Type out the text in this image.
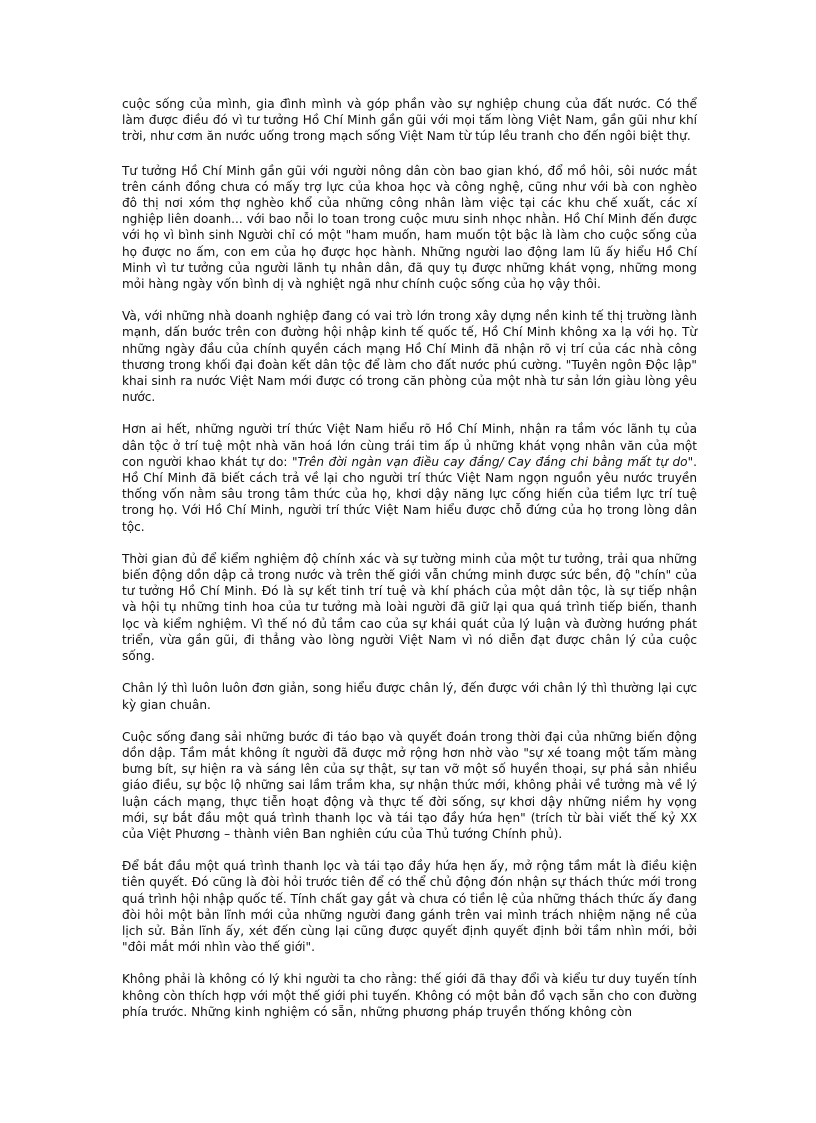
cuộc sống của mình, gia đình mình và góp phần vào sự nghiệp chung của đất nước. Có thể làm được điều đó vì tư tưởng Hồ Chí Minh gần gũi với mọi tấm lòng Việt Nam, gần gũi như khí trời, như cơm ăn nước uống trong mạch sống Việt Nam từ túp lều tranh cho đến ngôi biệt thự.

Tư tưởng Hồ Chí Minh gần gũi với người nông dân còn bao gian khó, đổ mồ hôi, sôi nước mắt trên cánh đồng chưa có mấy trợ lực của khoa học và công nghệ, cũng như với bà con nghèo đô thị nơi xóm thợ nghèo khổ của những công nhân làm việc tại các khu chế xuất, các xí nghiệp liên doanh... với bao nỗi lo toan trong cuộc mưu sinh nhọc nhằn. Hồ Chí Minh đến được với họ vì bình sinh Người chỉ có một "ham muốn, ham muốn tột bậc là làm cho cuộc sống của họ được no ấm, con em của họ được học hành. Những người lao động lam lũ ấy hiểu Hồ Chí Minh vì tư tưởng của người lãnh tụ nhân dân, đã quy tụ được những khát vọng, những mong mỏi hàng ngày vốn bình dị và nghiệt ngã như chính cuộc sống của họ vậy thôi.

Và, với những nhà doanh nghiệp đang có vai trò lớn trong xây dựng nền kinh tế thị trường lành mạnh, dấn bước trên con đường hội nhập kinh tế quốc tế, Hồ Chí Minh không xa lạ với họ. Từ những ngày đầu của chính quyền cách mạng Hồ Chí Minh đã nhận rõ vị trí của các nhà công thương trong khối đại đoàn kết dân tộc để làm cho đất nước phú cường. "Tuyên ngôn Độc lập" khai sinh ra nước Việt Nam mới được có trong căn phòng của một nhà tư sản lớn giàu lòng yêu nước.

Hơn ai hết, những người trí thức Việt Nam hiểu rõ Hồ Chí Minh, nhận ra tầm vóc lãnh tụ của dân tộc ở trí tuệ một nhà văn hoá lớn cùng trái tim ấp ủ những khát vọng nhân văn của một con người khao khát tự do: "Trên đời ngàn vạn điều cay đắng/ Cay đắng chi bằng mất tự do". Hồ Chí Minh đã biết cách trả về lại cho người trí thức Việt Nam ngọn nguồn yêu nước truyền thống vốn nằm sâu trong tâm thức của họ, khơi dậy năng lực cống hiến của tiềm lực trí tuệ trong họ. Với Hồ Chí Minh, người trí thức Việt Nam hiểu được chỗ đứng của họ trong lòng dân tộc.

Thời gian đủ để kiểm nghiệm độ chính xác và sự tường minh của một tư tưởng, trải qua những biến động dồn dập cả trong nước và trên thế giới vẫn chứng minh được sức bền, độ "chín" của tư tưởng Hồ Chí Minh. Đó là sự kết tinh trí tuệ và khí phách của một dân tộc, là sự tiếp nhận và hội tụ những tinh hoa của tư tưởng mà loài người đã giữ lại qua quá trình tiếp biến, thanh lọc và kiểm nghiệm. Vì thế nó đủ tầm cao của sự khái quát của lý luận và đường hướng phát triển, vừa gần gũi, đi thẳng vào lòng người Việt Nam vì nó diễn đạt được chân lý của cuộc sống.

Chân lý thì luôn luôn đơn giản, song hiểu được chân lý, đến được với chân lý thì thường lại cực kỳ gian chuân.

Cuộc sống đang sải những bước đi táo bạo và quyết đoán trong thời đại của những biến động dồn dập. Tầm mắt không ít người đã được mở rộng hơn nhờ vào "sự xé toang một tấm màng bưng bít, sự hiện ra và sáng lên của sự thật, sự tan vỡ một số huyền thoại, sự phá sản nhiều giáo điều, sự bộc lộ những sai lầm trầm kha, sự nhận thức mới, không phải về tưởng mà về lý luận cách mạng, thực tiễn hoạt động và thực tế đời sống, sự khơi dậy những niềm hy vọng mới, sự bắt đầu một quá trình thanh lọc và tái tạo đầy hứa hẹn" (trích từ bài viết thế kỷ XX của Việt Phương – thành viên Ban nghiên cứu của Thủ tướng Chính phủ).

Để bắt đầu một quá trình thanh lọc và tái tạo đầy hứa hẹn ấy, mở rộng tầm mắt là điều kiện tiên quyết. Đó cũng là đòi hỏi trước tiên để có thể chủ động đón nhận sự thách thức mới trong quá trình hội nhập quốc tế. Tính chất gay gắt và chưa có tiền lệ của những thách thức ấy đang đòi hỏi một bản lĩnh mới của những người đang gánh trên vai mình trách nhiệm nặng nề của lịch sử. Bản lĩnh ấy, xét đến cùng lại cũng được quyết định quyết định bởi tầm nhìn mới, bởi "đôi mắt mới nhìn vào thế giới".

Không phải là không có lý khi người ta cho rằng: thế giới đã thay đổi và kiểu tư duy tuyến tính không còn thích hợp với một thế giới phi tuyến. Không có một bản đồ vạch sẵn cho con đường phía trước. Những kinh nghiệm có sẵn, những phương pháp truyền thống không còn
